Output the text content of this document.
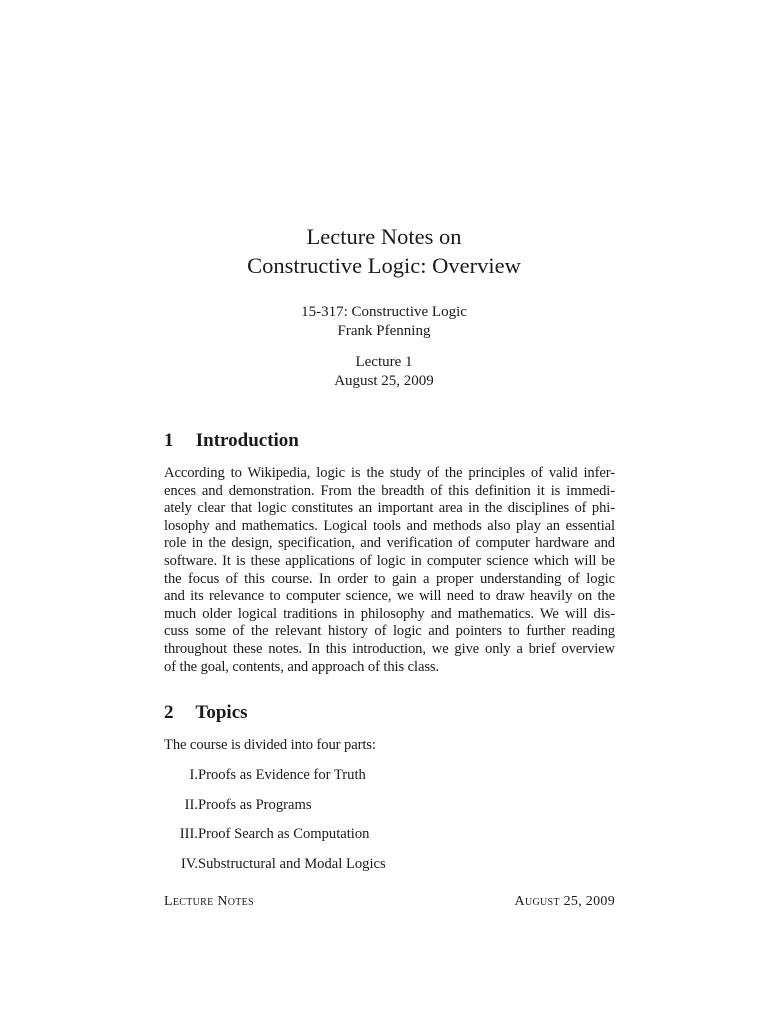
Lecture Notes on
Constructive Logic: Overview
15-317: Constructive Logic
Frank Pfenning
Lecture 1
August 25, 2009
1 Introduction
According to Wikipedia, logic is the study of the principles of valid infer-
ences and demonstration. From the breadth of this definition it is immedi-
ately clear that logic constitutes an important area in the disciplines of phi-
losophy and mathematics. Logical tools and methods also play an essential
role in the design, specification, and verification of computer hardware and
software. It is these applications of logic in computer science which will be
the focus of this course. In order to gain a proper understanding of logic
and its relevance to computer science, we will need to draw heavily on the
much older logical traditions in philosophy and mathematics. We will dis-
cuss some of the relevant history of logic and pointers to further reading
throughout these notes. In this introduction, we give only a brief overview
of the goal, contents, and approach of this class.
2 Topics
The course is divided into four parts:
I. Proofs as Evidence for Truth
II. Proofs as Programs
III. Proof Search as Computation
IV. Substructural and Modal Logics
Lecture Notes	August 25, 2009
